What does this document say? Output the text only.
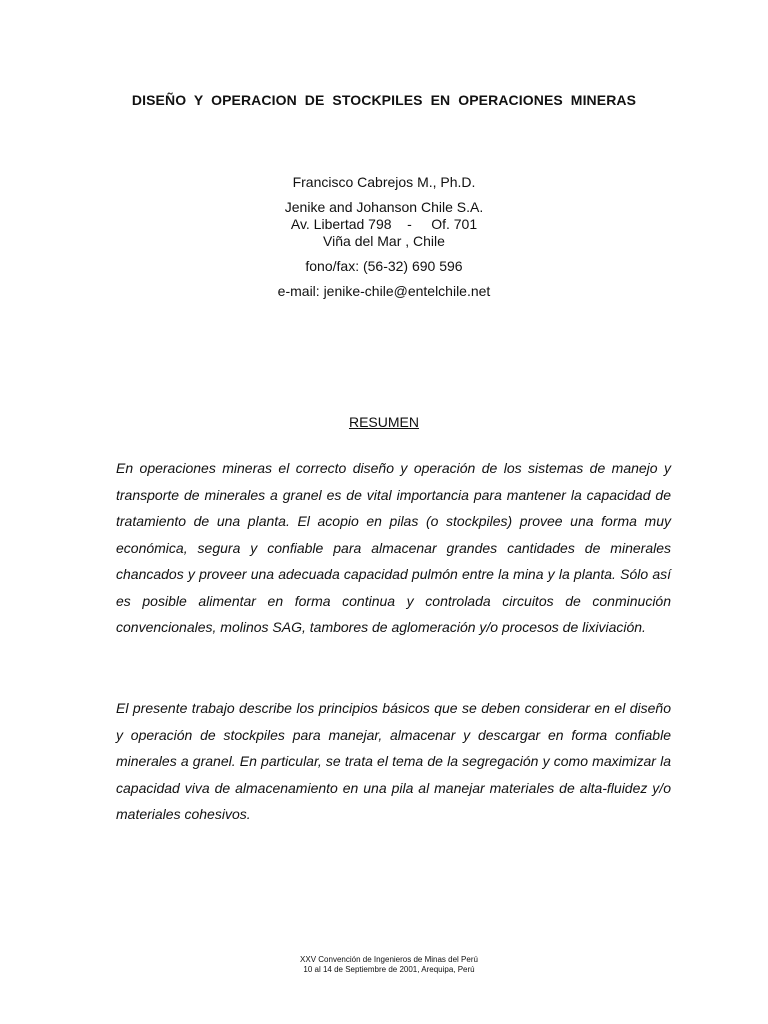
DISEÑO Y OPERACION DE STOCKPILES EN OPERACIONES MINERAS
Francisco Cabrejos M., Ph.D.
Jenike and Johanson Chile S.A.
Av. Libertad 798    -     Of. 701
Viña del Mar , Chile
fono/fax: (56-32) 690 596
e-mail: jenike-chile@entelchile.net
RESUMEN

En operaciones mineras el correcto diseño y operación de los sistemas de manejo y transporte de minerales a granel es de vital importancia para mantener la capacidad de tratamiento de una planta. El acopio en pilas (o stockpiles) provee una forma muy económica, segura y confiable para almacenar grandes cantidades de minerales chancados y proveer una adecuada capacidad pulmón entre la mina y la planta. Sólo así es posible alimentar en forma continua y controlada circuitos de conminución convencionales, molinos SAG, tambores de aglomeración y/o procesos de lixiviación.

El presente trabajo describe los principios básicos que se deben considerar en el diseño y operación de stockpiles para manejar, almacenar y descargar en forma confiable minerales a granel. En particular, se trata el tema de la segregación y como maximizar la capacidad viva de almacenamiento en una pila al manejar materiales de alta-fluidez y/o materiales cohesivos.

XXV Convención de Ingenieros de Minas del Perú
10 al 14 de Septiembre de 2001, Arequipa, Perú
